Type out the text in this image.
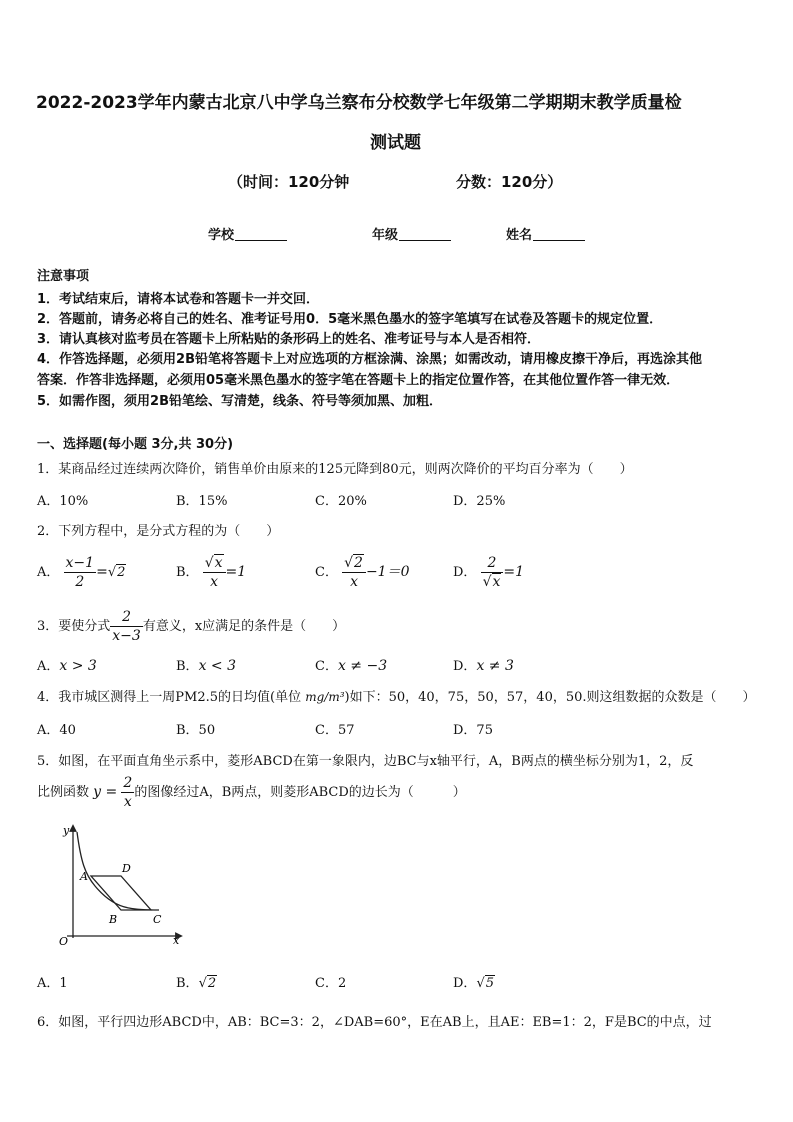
2022-2023学年内蒙古北京八中学乌兰察布分校数学七年级第二学期期末教学质量检
测试题
（时间：120分钟	分数：120分）
学校	年级	姓名
注意事项
1．考试结束后，请将本试卷和答题卡一并交回．
2．答题前，请务必将自己的姓名、准考证号用0．5毫米黑色墨水的签字笔填写在试卷及答题卡的规定位置．
3．请认真核对监考员在答题卡上所粘贴的条形码上的姓名、准考证号与本人是否相符．
4．作答选择题，必须用2B铅笔将答题卡上对应选项的方框涂满、涂黑；如需改动，请用橡皮擦干净后，再选涂其他
答案．作答非选择题，必须用05毫米黑色墨水的签字笔在答题卡上的指定位置作答，在其他位置作答一律无效．
5．如需作图，须用2B铅笔绘、写清楚，线条、符号等须加黑、加粗．
一、选择题(每小题 3分,共 30分)
1．某商品经过连续两次降价，销售单价由原来的125元降到80元，则两次降价的平均百分率为（　　）
A．10%	B．15%	C．20%	D．25%
2．下列方程中，是分式方程的为（　　）
A． $\frac{x-1}{2} =√2$	B． $\frac{√x}{x} =1$	C． $\frac{√2}{x} -1=0$	D． $\frac{2}{√x} =1$
3．要使分式 $\frac{2}{x-3}$ 有意义，x应满足的条件是（　　）
A．x > 3	B．x < 3	C．x ≠ −3	D．x ≠ 3
4．我市城区测得上一周PM2.5的日均值(单位 mg/m³)如下：50，40，75，50，57，40，50.则这组数据的众数是（　　）
A．40	B．50	C．57	D．75
5．如图，在平面直角坐示系中，菱形ABCD在第一象限内，边BC与x轴平行，A，B两点的横坐标分别为1，2，反
比例函数 $y = \frac{2}{x}$ 的图像经过A，B两点，则菱形ABCD的边长为（　　　）
y
x
O
A
B	C
D
A．1	B．√2	C．2	D．√5
6．如图，平行四边形ABCD中，AB：BC=3：2，∠DAB=60°，E在AB上，且AE：EB=1：2，F是BC的中点，过
